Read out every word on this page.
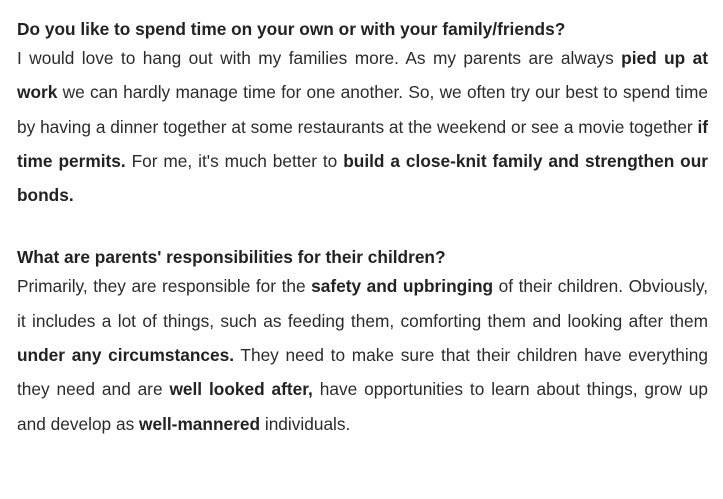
Do you like to spend time on your own or with your family/friends?

I would love to hang out with my families more. As my parents are always pied up at work we can hardly manage time for one another. So, we often try our best to spend time by having a dinner together at some restaurants at the weekend or see a movie together if time permits. For me, it's much better to build a close-knit family and strengthen our bonds.

What are parents' responsibilities for their children?

Primarily, they are responsible for the safety and upbringing of their children. Obviously, it includes a lot of things, such as feeding them, comforting them and looking after them under any circumstances. They need to make sure that their children have everything they need and are well looked after, have opportunities to learn about things, grow up and develop as well-mannered individuals.
